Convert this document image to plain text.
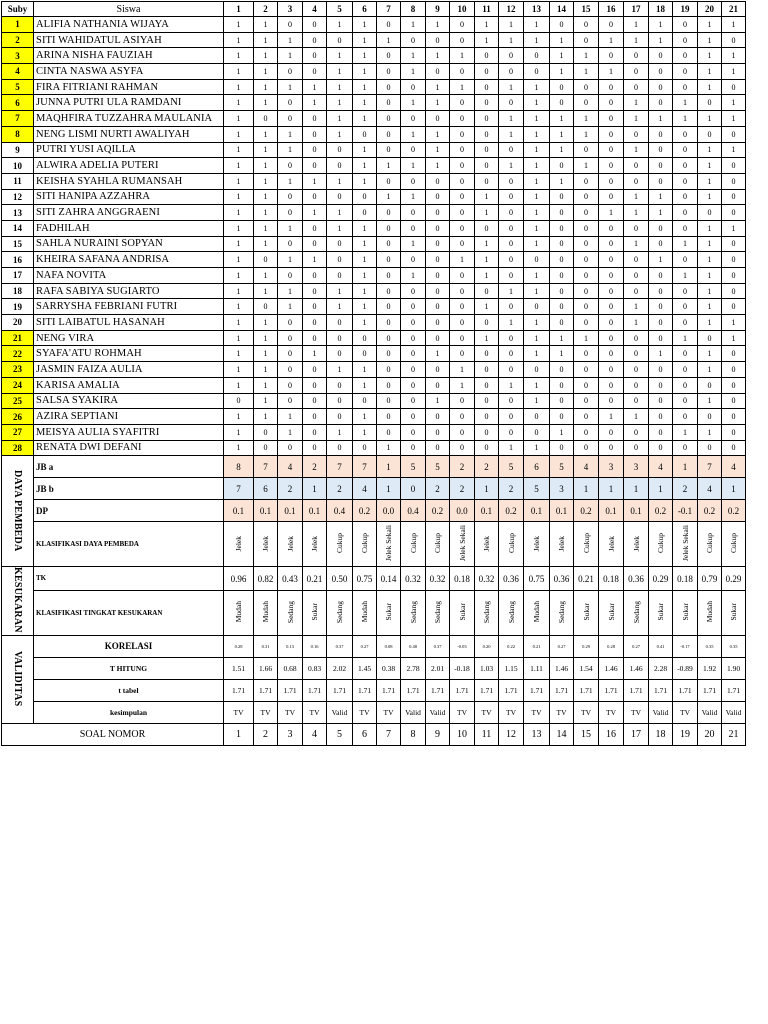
Suby	Siswa	1	2	3	4	5	6	7	8	9	10	11	12	13	14	15	16	17	18	19	20	21
1	ALIFIA NATHANIA WIJAYA	1	1	0	0	1	1	0	1	1	0	1	1	1	0	0	0	1	1	0	1	1
2	SITI WAHIDATUL ASIYAH	1	1	1	0	0	1	1	0	0	0	1	1	1	1	0	1	1	1	0	1	0
3	ARINA NISHA FAUZIAH	1	1	1	0	1	1	0	1	1	1	0	0	0	1	1	0	0	0	0	1	1
4	CINTA NASWA ASYFA	1	1	0	0	1	1	0	1	0	0	0	0	0	1	1	1	0	0	0	1	1
5	FIRA FITRIANI RAHMAN	1	1	1	1	1	1	0	0	1	1	0	1	1	0	0	0	0	0	0	1	0
6	JUNNA PUTRI ULA RAMDANI	1	1	0	1	1	1	0	1	1	0	0	0	1	0	0	0	1	0	1	0	1
7	MAQHFIRA TUZZAHRA MAULANIA	1	0	0	0	1	1	0	0	0	0	0	1	1	1	1	0	1	1	1	1	1
8	NENG LISMI NURTI AWALIYAH	1	1	1	0	1	0	0	1	1	0	0	1	1	1	1	0	0	0	0	0	0
9	PUTRI YUSI AQILLA	1	1	1	0	0	1	0	0	1	0	0	0	1	1	0	0	1	0	0	1	1
10	ALWIRA ADELIA PUTERI	1	1	0	0	0	1	1	1	1	0	0	1	1	0	1	0	0	0	0	1	0
11	KEISHA SYAHLA RUMANSAH	1	1	1	1	1	1	0	0	0	0	0	0	1	1	0	0	0	0	0	1	0
12	SITI HANIPA AZZAHRA	1	1	0	0	0	0	1	1	0	0	1	0	1	0	0	0	1	1	0	1	0
13	SITI ZAHRA ANGGRAENI	1	1	0	1	1	0	0	0	0	0	1	0	1	0	0	1	1	1	0	0	0
14	FADHILAH	1	1	1	0	1	1	0	0	0	0	0	0	1	0	0	0	0	0	0	1	1
15	SAHLA NURAINI SOPYAN	1	1	0	0	0	1	0	1	0	0	1	0	1	0	0	0	1	0	1	1	0
16	KHEIRA SAFANA ANDRISA	1	0	1	1	0	1	0	0	0	1	1	0	0	0	0	0	0	1	0	1	0
17	NAFA NOVITA	1	1	0	0	0	1	0	1	0	0	1	0	1	0	0	0	0	0	1	1	0
18	RAFA SABIYA SUGIARTO	1	1	1	0	1	1	0	0	0	0	0	1	1	0	0	0	0	0	0	1	0
19	SARRYSHA FEBRIANI FUTRI	1	0	1	0	1	1	0	0	0	0	1	0	0	0	0	0	1	0	0	1	0
20	SITI LAIBATUL HASANAH	1	1	0	0	0	1	0	0	0	0	0	1	1	0	0	0	1	0	0	1	1
21	NENG VIRA	1	1	0	0	0	0	0	0	0	0	1	0	1	1	1	0	0	0	1	0	1
22	SYAFA'ATU ROHMAH	1	1	0	1	0	0	0	0	1	0	0	0	1	1	0	0	0	1	0	1	0
23	JASMIN FAIZA AULIA	1	1	0	0	1	1	0	0	0	1	0	0	0	0	0	0	0	0	0	1	0
24	KARISA AMALIA	1	1	0	0	0	1	0	0	0	1	0	1	1	0	0	0	0	0	0	0	0
25	SALSA SYAKIRA	0	1	0	0	0	0	0	0	1	0	0	0	1	0	0	0	0	0	0	1	0
26	AZIRA SEPTIANI	1	1	1	0	0	1	0	0	0	0	0	0	0	0	0	1	1	0	0	0	0
27	MEISYA AULIA SYAFITRI	1	0	1	0	1	1	0	0	0	0	0	0	0	1	0	0	0	0	1	1	0
28	RENATA DWI DEFANI	1	0	0	0	0	0	1	0	0	0	0	1	1	0	0	0	0	0	0	0	0
DAYA PEMBEDA	JB a	8	7	4	2	7	7	1	5	5	2	2	5	6	5	4	3	3	4	1	7	4
	JB b	7	6	2	1	2	4	1	0	2	2	1	2	5	3	1	1	1	1	2	4	1
	DP	0.1	0.1	0.1	0.1	0.4	0.2	0.0	0.4	0.2	0.0	0.1	0.2	0.1	0.1	0.2	0.1	0.1	0.2	-0.1	0.2	0.2
	KLASIFIKASI DAYA PEMBEDA	Jelek	Jelek	Jelek	Jelek	Cukup	Cukup	Jelek Sekali	Cukup	Cukup	Jelek Sekali	Jelek	Cukup	Jelek	Jelek	Cukup	Jelek	Jelek	Cukup	Jelek Sekali	Cukup	Cukup
KESUKARAN	TK	0.96	0.82	0.43	0.21	0.50	0.75	0.14	0.32	0.32	0.18	0.32	0.36	0.75	0.36	0.21	0.18	0.36	0.29	0.18	0.79	0.29
	KLASIFIKASI TINGKAT KESUKARAN	Mudah	Mudah	Sedang	Sukar	Sedang	Mudah	Sukar	Sedang	Sedang	Sukar	Sedang	Sedang	Mudah	Sedang	Sukar	Sukar	Sedang	Sukar	Sukar	Mudah	Sukar
VALIDITAS	KORELASI	0.28	0.31	0.13	0.16	0.37	0.27	0.08	0.48	0.37	-0.03	0.20	0.22	0.21	0.27	0.29	0.28	0.27	0.41	-0.17	0.35	0.35
	T HITUNG	1.51	1.66	0.68	0.83	2.02	1.45	0.38	2.78	2.01	-0.18	1.03	1.15	1.11	1.46	1.54	1.46	1.46	2.28	-0.89	1.92	1.90
	t tabel	1.71	1.71	1.71	1.71	1.71	1.71	1.71	1.71	1.71	1.71	1.71	1.71	1.71	1.71	1.71	1.71	1.71	1.71	1.71	1.71	1.71
	kesimpulan	TV	TV	TV	TV	Valid	TV	TV	Valid	Valid	TV	TV	TV	TV	TV	TV	TV	TV	Valid	TV	Valid	Valid
SOAL NOMOR		1	2	3	4	5	6	7	8	9	10	11	12	13	14	15	16	17	18	19	20	21
